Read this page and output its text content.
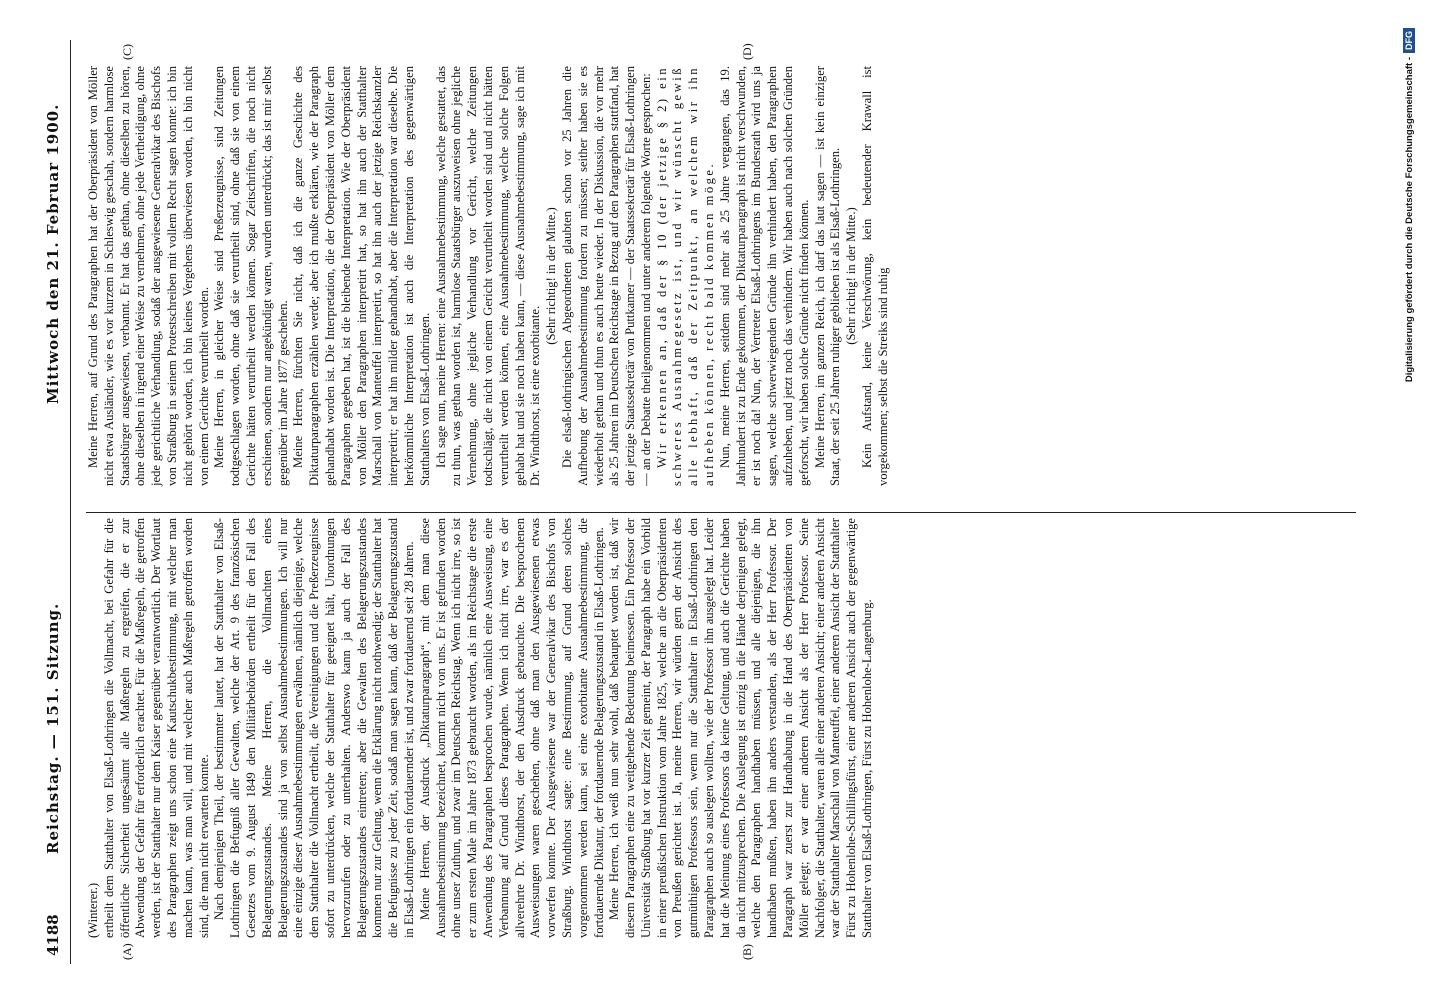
4188
Reichstag. — 151. Sitzung.
Mittwoch den 21. Februar 1900.
(A)	(B)
(C)	(D)

(Winterer.) ertheilt dem Statthalter von Elsaß-Lothringen die Vollmacht, bei Gefahr für die öffentliche Sicherheit ungesäumt alle Maßregeln zu ergreifen, die er zur Abwendung der Gefahr für erforderlich erachtet. Für die Maßregeln, die getroffen werden, ist der Statthalter nur dem Kaiser gegenüber verantwortlich. Der Wortlaut des Paragraphen zeigt uns schon eine Kautschukbestimmung, mit welcher man machen kann, was man will, und mit welcher auch Maßregeln getroffen worden sind, die man nicht erwarten konnte. Nach demjenigen Theil, der bestimmter lautet, hat der Statthalter von Elsaß-Lothringen die Befugniß aller Gewalten, welche der Art. 9 des französischen Gesetzes vom 9. August 1849 den Militärbehörden ertheilt für den Fall des Belagerungszustandes. Meine Herren, die Vollmachten eines Belagerungszustandes sind ja von selbst Ausnahmebestimmungen. Ich will nur eine einzige dieser Ausnahmebestimmungen erwähnen, nämlich diejenige, welche dem Statthalter die Vollmacht ertheilt, die Vereinigungen und die Preßerzeugnisse sofort zu unterdrücken, welche der Statthalter für geeignet hält, Unordnungen hervorzurufen oder zu unterhalten. Anderswo kann ja auch der Fall des Belagerungszustandes eintreten; aber die Gewalten des Belagerungszustandes kommen nur zur Geltung, wenn die Erklärung nicht nothwendig; der Statthalter hat die Befugnisse zu jeder Zeit, sodaß man sagen kann, daß der Belagerungszustand in Elsaß-Lothringen ein fortdauernder ist, und zwar fortdauernd seit 28 Jahren. Meine Herren, der Ausdruck „Diktaturparagraph“, mit dem man diese Ausnahmebestimmung bezeichnet, kommt nicht von uns. Er ist gefunden worden ohne unser Zuthun, und zwar im Deutschen Reichstag. Wenn ich nicht irre, so ist er zum ersten Male im Jahre 1873 gebraucht worden, als im Reichstage die erste Anwendung des Paragraphen besprochen wurde, nämlich eine Ausweisung, eine Verbannung auf Grund dieses Paragraphen. Wenn ich nicht irre, war es der allverehrte Dr. Windthorst, der den Ausdruck gebrauchte. Die besprochenen Ausweisungen waren geschehen, ohne daß man den Ausgewiesenen etwas vorwerfen konnte. Der Ausgewiesene war der Generalvikar des Bischofs von Straßburg. Windthorst sagte: eine Bestimmung, auf Grund deren solches vorgenommen werden kann, sei eine exorbitante Ausnahmebestimmung, die fortdauernde Diktatur, der fortdauernde Belagerungszustand in Elsaß-Lothringen. Meine Herren, ich weiß nun sehr wohl, daß behauptet worden ist, daß wir diesem Paragraphen eine zu weitgehende Bedeutung beimessen. Ein Professor der Universität Straßburg hat vor kurzer Zeit gemeint, der Paragraph habe ein Vorbild in einer preußischen Instruktion vom Jahre 1825, welche an die Oberpräsidenten von Preußen gerichtet ist. Ja, meine Herren, wir würden gern der Ansicht des gutmüthigen Professors sein, wenn nur die Statthalter in Elsaß-Lothringen den Paragraphen auch so auslegen wollten, wie der Professor ihn ausgelegt hat. Leider hat die Meinung eines Professors da keine Geltung, und auch die Gerichte haben da nicht mitzusprechen. Die Auslegung ist einzig in die Hände derjenigen gelegt, welche den Paragraphen handhaben müssen, und alle diejenigen, die ihn handhaben mußten, haben ihn anders verstanden, als der Herr Professor. Der Paragraph war zuerst zur Handhabung in die Hand des Oberpräsidenten von Möller gelegt; er war einer anderen Ansicht als der Herr Professor. Seine Nachfolger, die Statthalter, waren alle einer anderen Ansicht; einer anderen Ansicht war der Statthalter Marschall von Manteuffel, einer anderen Ansicht der Statthalter Fürst zu Hohenlohe-Schillingsfürst, einer anderen Ansicht auch der gegenwärtige Statthalter von Elsaß-Lothringen, Fürst zu Hohenlohe-Langenburg.

Meine Herren, auf Grund des Paragraphen hat der Oberpräsident von Möller nicht etwa Ausländer, wie es vor kurzem in Schleswig geschah, sondern harmlose Staatsbürger ausgewiesen, verbannt. Er hat das gethan, ohne dieselben zu hören, ohne dieselben in irgend einer Weise zu vernehmen, ohne jede Vertheidigung, ohne jede gerichtliche Verhandlung, sodaß der ausgewiesene Generalvikar des Bischofs von Straßburg in seinem Protestschreiben mit vollem Recht sagen konnte: ich bin nicht gehört worden, ich bin keines Vergehens überwiesen worden, ich bin nicht von einem Gerichte verurtheilt worden. Meine Herren, in gleicher Weise sind Preßerzeugnisse, sind Zeitungen todtgeschlagen worden, ohne daß sie verurtheilt sind, ohne daß sie von einem Gerichte hätten verurtheilt werden können. Sogar Zeitschriften, die noch nicht erschienen, sondern nur angekündigt waren, wurden unterdrückt; das ist mir selbst gegenüber im Jahre 1877 geschehen. Meine Herren, fürchten Sie nicht, daß ich die ganze Geschichte des Diktaturparagraphen erzählen werde; aber ich mußte erklären, wie der Paragraph gehandhabt worden ist. Die Interpretation, die der Oberpräsident von Möller dem Paragraphen gegeben hat, ist die bleibende Interpretation. Wie der Oberpräsident von Möller den Paragraphen interpretirt hat, so hat ihn auch der Statthalter Marschall von Manteuffel interpretirt, so hat ihn auch der jetzige Reichskanzler interpretirt; er hat ihn milder gehandhabt, aber die Interpretation war dieselbe. Die herkömmliche Interpretation ist auch die Interpretation des gegenwärtigen Statthalters von Elsaß-Lothringen. Ich sage nun, meine Herren: eine Ausnahmebestimmung, welche gestattet, das zu thun, was gethan worden ist, harmlose Staatsbürger auszuweisen ohne jegliche Vernehmung, ohne jegliche Verhandlung vor Gericht, welche Zeitungen todtschlägt, die nicht von einem Gericht verurtheilt worden sind und nicht hätten verurtheilt werden können, eine Ausnahmebestimmung, welche solche Folgen gehabt hat und sie noch haben kann, — diese Ausnahmebestimmung, sage ich mit Dr. Windthorst, ist eine exorbitante.

(Sehr richtig! in der Mitte.) Die elsaß-lothringischen Abgeordneten glaubten schon vor 25 Jahren die Aufhebung der Ausnahmebestimmung fordern zu müssen; seither haben sie es wiederholt gethan und thun es auch heute wieder. In der Diskussion, die vor mehr als 25 Jahren im Deutschen Reichstage in Bezug auf den Paragraphen stattfand, hat der jetzige Staatssekretär von Puttkamer — der Staatssekretär für Elsaß-Lothringen — an der Debatte theilgenommen und unter anderem folgende Worte gesprochen: Wir erkennen an, daß der § 10 (der jetzige § 2) ein schweres Ausnahmegesetz ist, und wir wünscht gewiß alle lebhaft, daß der Zeitpunkt, an welchem wir ihn aufheben können, recht bald kommen möge. Nun, meine Herren, seitdem sind mehr als 25 Jahre vergangen, das 19. Jahrhundert ist zu Ende gekommen, der Diktaturparagraph ist nicht verschwunden, er ist noch da! Nun, der Vertreter Elsaß-Lothringens im Bundesrath wird uns ja sagen, welche schwerwiegenden Gründe ihn verhindert haben, den Paragraphen aufzuheben, und jetzt noch das verhindern. Wir haben auch nach solchen Gründen geforscht, wir haben solche Gründe nicht finden können. Meine Herren, im ganzen Reich, ich darf das laut sagen — ist kein einziger Staat, der seit 25 Jahren ruhiger geblieben ist als Elsaß-Lothringen. (Sehr richtig! in der Mitte.) Kein Aufstand, keine Verschwörung, kein bedeutender Krawall ist vorgekommen; selbst die Streiks sind ruhig	Digitalisierung gefördert durch die Deutsche Forschungsgemeinschaft -DFG
